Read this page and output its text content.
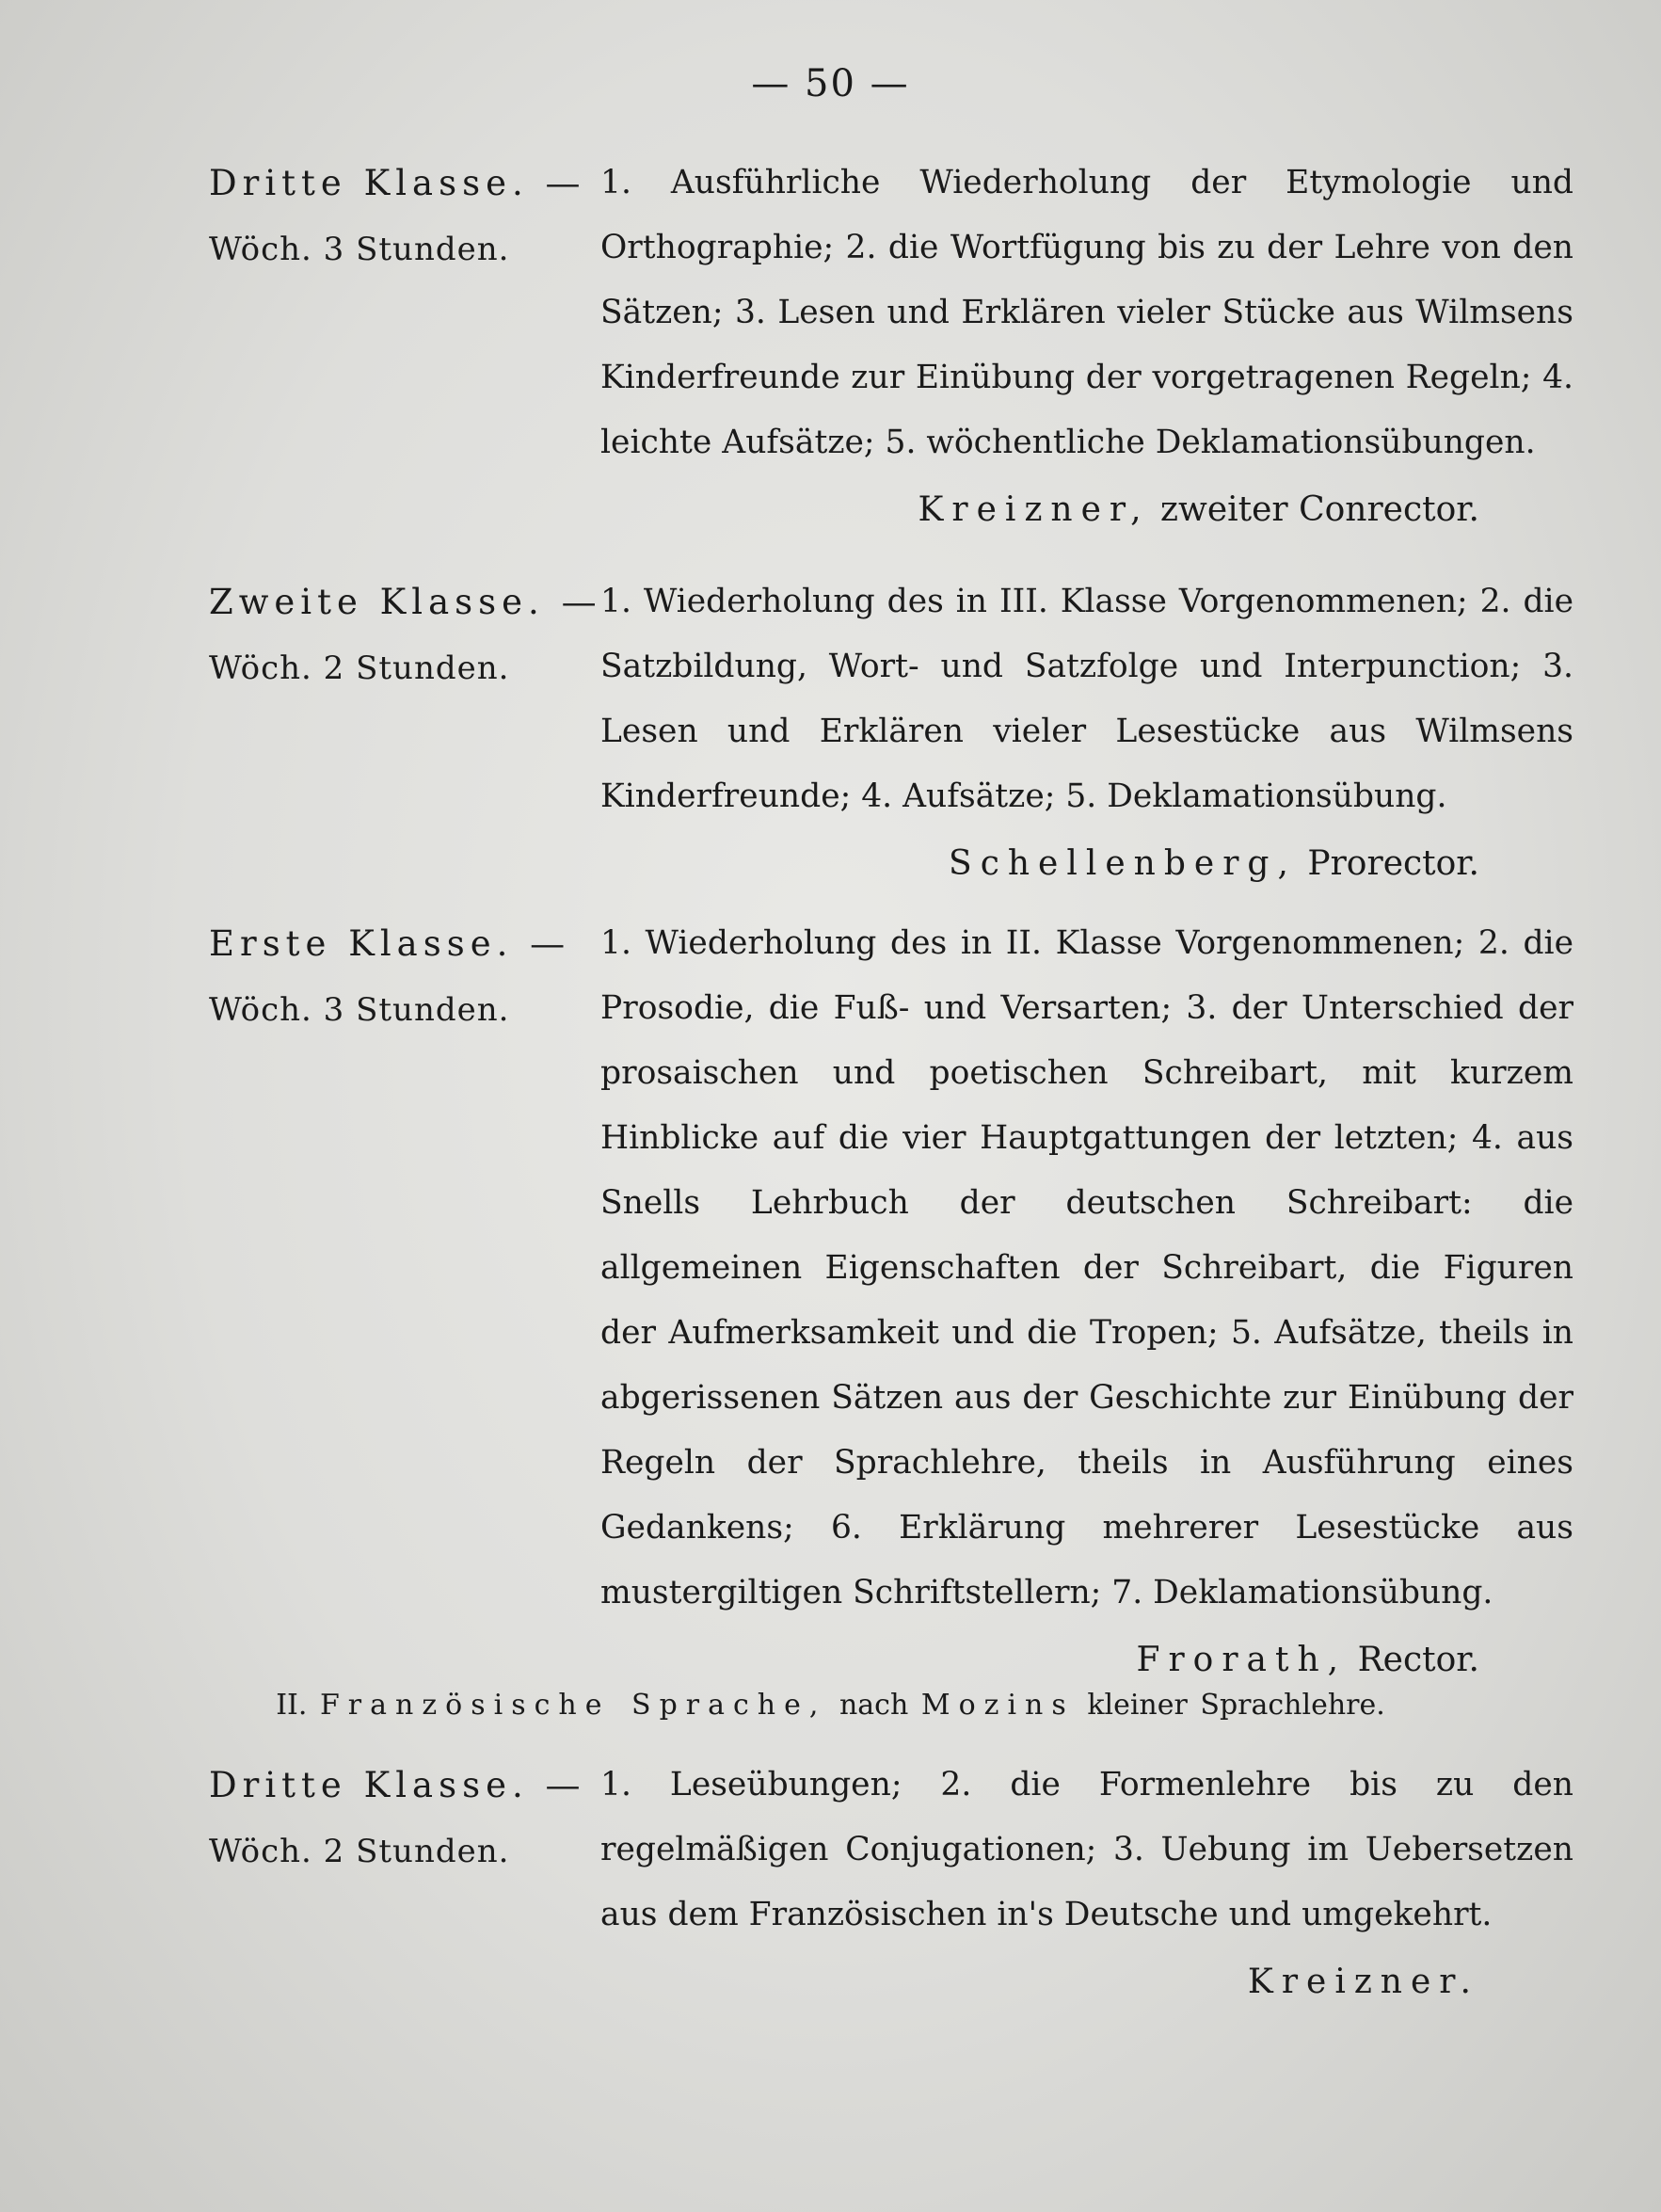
— 50 —
Dritte Klasse. —
Wöch. 3 Stunden.
1. Ausführliche Wiederholung der Etymologie und Orthographie; 2. die Wortfügung bis zu der Lehre von den Sätzen; 3. Lesen und Erklären vieler Stücke aus Wilmsens Kinderfreunde zur Einübung der vorgetragenen Regeln; 4. leichte Aufsätze; 5. wöchentliche Deklamationsübungen.
Kreizner, zweiter Conrector.
Zweite Klasse. —
Wöch. 2 Stunden.
1. Wiederholung des in III. Klasse Vorgenommenen; 2. die Satzbildung, Wort- und Satzfolge und Interpunction; 3. Lesen und Erklären vieler Lesestücke aus Wilmsens Kinderfreunde; 4. Aufsätze; 5. Deklamationsübung.
Schellenberg, Prorector.
Erste Klasse. —
Wöch. 3 Stunden.
1. Wiederholung des in II. Klasse Vorgenommenen; 2. die Prosodie, die Fuß- und Versarten; 3. der Unterschied der prosaischen und poetischen Schreibart, mit kurzem Hinblicke auf die vier Hauptgattungen der letzten; 4. aus Snells Lehrbuch der deutschen Schreibart: die allgemeinen Eigenschaften der Schreibart, die Figuren der Aufmerksamkeit und die Tropen; 5. Aufsätze, theils in abgerissenen Sätzen aus der Geschichte zur Einübung der Regeln der Sprachlehre, theils in Ausführung eines Gedankens; 6. Erklärung mehrerer Lesestücke aus mustergiltigen Schriftstellern; 7. Deklamationsübung.
Frorath, Rector.
II. Französische Sprache, nach Mozins kleiner Sprachlehre.
Dritte Klasse. —
Wöch. 2 Stunden.
1. Leseübungen; 2. die Formenlehre bis zu den regelmäßigen Conjugationen; 3. Uebung im Uebersetzen aus dem Französischen in's Deutsche und umgekehrt.
Kreizner.
